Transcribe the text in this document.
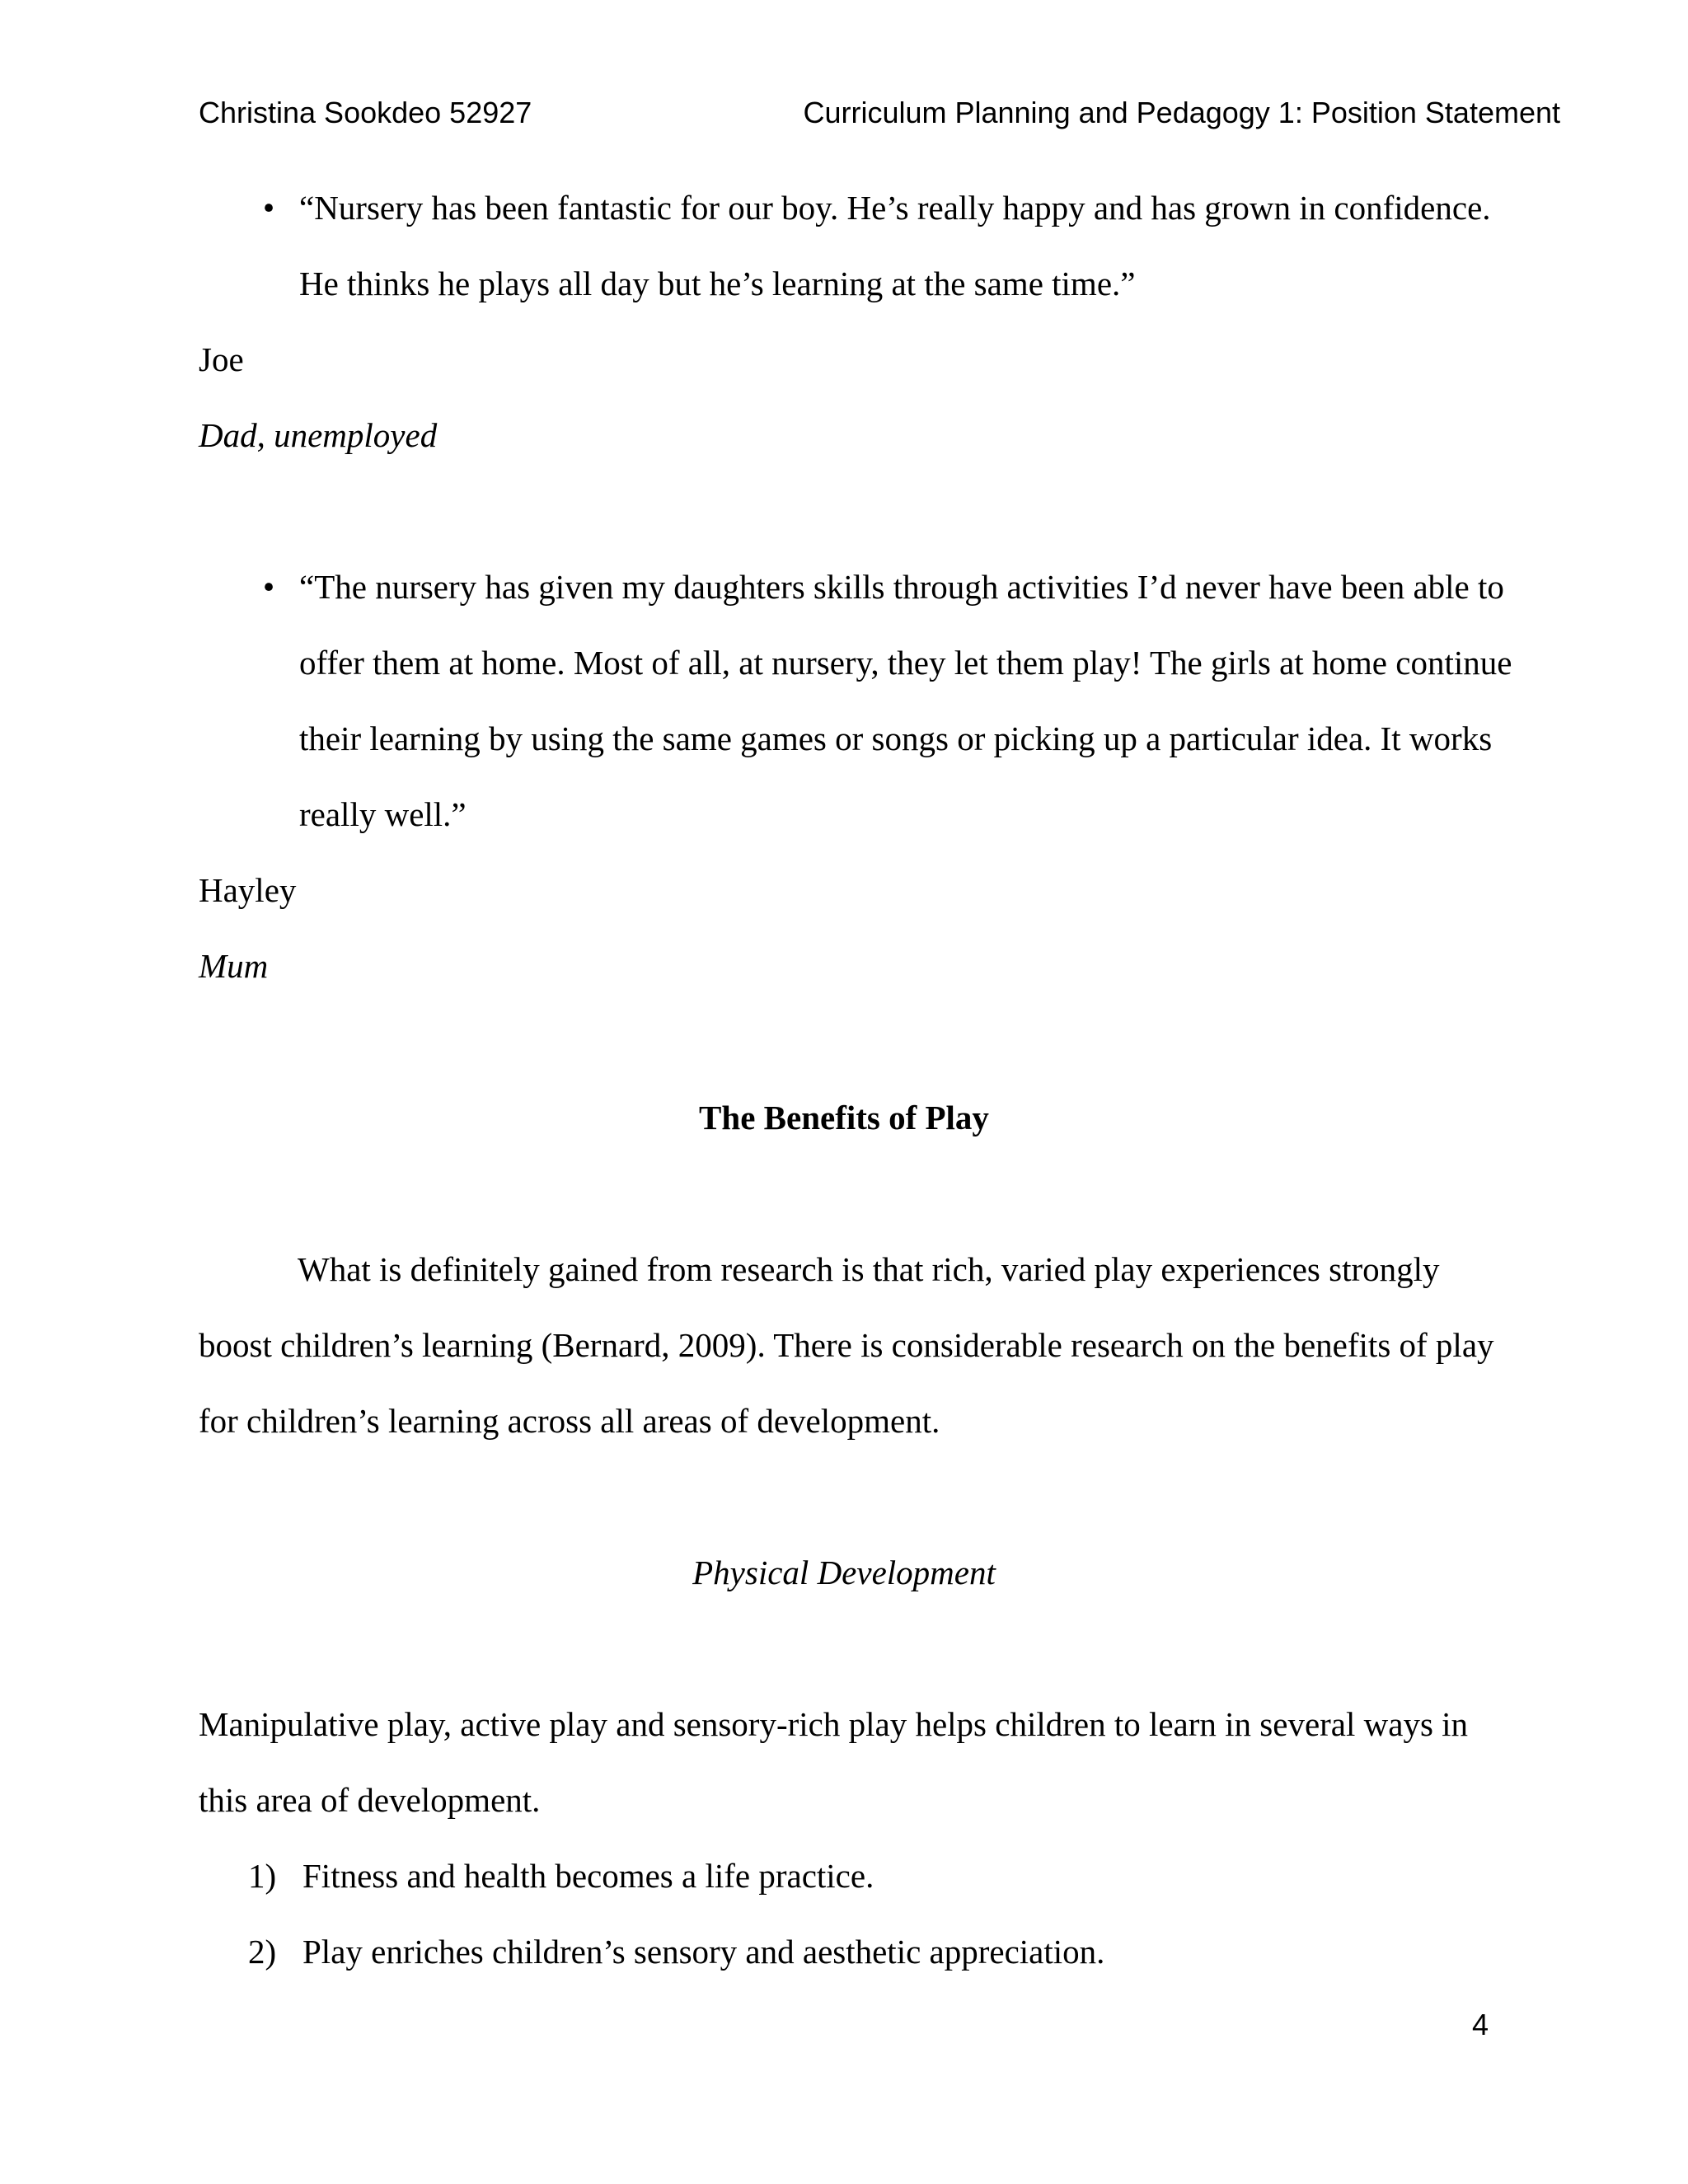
Christina Sookdeo 52927	Curriculum Planning and Pedagogy 1: Position Statement
• “Nursery has been fantastic for our boy. He’s really happy and has grown in confidence.
He thinks he plays all day but he’s learning at the same time.”
Joe
Dad, unemployed
• “The nursery has given my daughters skills through activities I’d never have been able to
offer them at home. Most of all, at nursery, they let them play! The girls at home continue
their learning by using the same games or songs or picking up a particular idea. It works
really well.”
Hayley
Mum
The Benefits of Play
What is definitely gained from research is that rich, varied play experiences strongly
boost children’s learning (Bernard, 2009). There is considerable research on the benefits of play
for children’s learning across all areas of development.
Physical Development
Manipulative play, active play and sensory-rich play helps children to learn in several ways in
this area of development.
1) Fitness and health becomes a life practice.
2) Play enriches children’s sensory and aesthetic appreciation.
4
